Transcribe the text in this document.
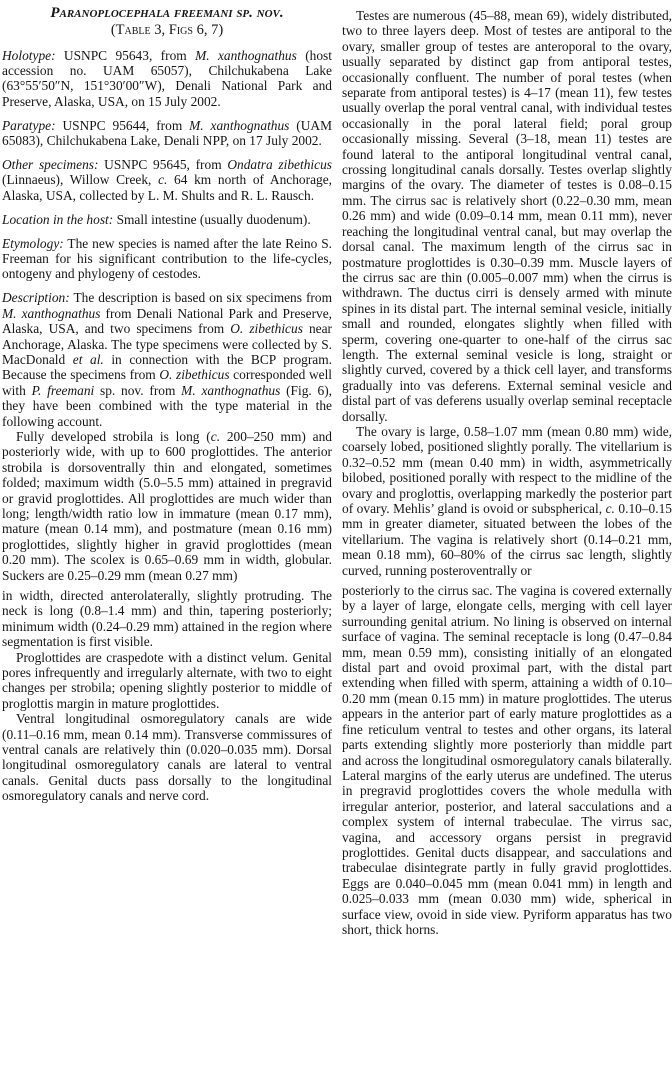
Paranoplocephala freemani sp. nov.
(Table 3, Figs 6, 7)

Holotype: USNPC 95643, from M. xanthognathus (host accession no. UAM 65057), Chilchukabena Lake (63°55′50″N, 151°30′00″W), Denali National Park and Preserve, Alaska, USA, on 15 July 2002.

Paratype: USNPC 95644, from M. xanthognathus (UAM 65083), Chilchukabena Lake, Denali NPP, on 17 July 2002.

Other specimens: USNPC 95645, from Ondatra zibethicus (Linnaeus), Willow Creek, c. 64 km north of Anchorage, Alaska, USA, collected by L. M. Shults and R. L. Rausch.

Location in the host: Small intestine (usually duodenum).

Etymology: The new species is named after the late Reino S. Freeman for his significant contribution to the life-cycles, ontogeny and phylogeny of cestodes.

Description: The description is based on six specimens from M. xanthognathus from Denali National Park and Preserve, Alaska, USA, and two specimens from O. zibethicus near Anchorage, Alaska. The type specimens were collected by S. MacDonald et al. in connection with the BCP program. Because the specimens from O. zibethicus corresponded well with P. freemani sp. nov. from M. xanthognathus (Fig. 6), they have been combined with the type material in the following account.

Fully developed strobila is long (c. 200–250 mm) and posteriorly wide, with up to 600 proglottides. The anterior strobila is dorsoventrally thin and elongated, sometimes folded; maximum width (5.0–5.5 mm) attained in pregravid or gravid proglottides. All proglottides are much wider than long; length/width ratio low in immature (mean 0.17 mm), mature (mean 0.14 mm), and postmature (mean 0.16 mm) proglottides, slightly higher in gravid proglottides (mean 0.20 mm). The scolex is 0.65–0.69 mm in width, globular. Suckers are 0.25–0.29 mm (mean 0.27 mm)

in width, directed anterolaterally, slightly protruding. The neck is long (0.8–1.4 mm) and thin, tapering posteriorly; minimum width (0.24–0.29 mm) attained in the region where segmentation is first visible.

Proglottides are craspedote with a distinct velum. Genital pores infrequently and irregularly alternate, with two to eight changes per strobila; opening slightly posterior to middle of proglottis margin in mature proglottides.

Ventral longitudinal osmoregulatory canals are wide (0.11–0.16 mm, mean 0.14 mm). Transverse commissures of ventral canals are relatively thin (0.020–0.035 mm). Dorsal longitudinal osmoregulatory canals are lateral to ventral canals. Genital ducts pass dorsally to the longitudinal osmoregulatory canals and nerve cord.

Testes are numerous (45–88, mean 69), widely distributed, two to three layers deep. Most of testes are antiporal to the ovary, smaller group of testes are anteroporal to the ovary, usually separated by distinct gap from antiporal testes, occasionally confluent. The number of poral testes (when separate from antiporal testes) is 4–17 (mean 11), few testes usually overlap the poral ventral canal, with individual testes occasionally in the poral lateral field; poral group occasionally missing. Several (3–18, mean 11) testes are found lateral to the antiporal longitudinal ventral canal, crossing longitudinal canals dorsally. Testes overlap slightly margins of the ovary. The diameter of testes is 0.08–0.15 mm. The cirrus sac is relatively short (0.22–0.30 mm, mean 0.26 mm) and wide (0.09–0.14 mm, mean 0.11 mm), never reaching the longitudinal ventral canal, but may overlap the dorsal canal. The maximum length of the cirrus sac in postmature proglottides is 0.30–0.39 mm. Muscle layers of the cirrus sac are thin (0.005–0.007 mm) when the cirrus is withdrawn. The ductus cirri is densely armed with minute spines in its distal part. The internal seminal vesicle, initially small and rounded, elongates slightly when filled with sperm, covering one-quarter to one-half of the cirrus sac length. The external seminal vesicle is long, straight or slightly curved, covered by a thick cell layer, and transforms gradually into vas deferens. External seminal vesicle and distal part of vas deferens usually overlap seminal receptacle dorsally.

The ovary is large, 0.58–1.07 mm (mean 0.80 mm) wide, coarsely lobed, positioned slightly porally. The vitellarium is 0.32–0.52 mm (mean 0.40 mm) in width, asymmetrically bilobed, positioned porally with respect to the midline of the ovary and proglottis, overlapping markedly the posterior part of ovary. Mehlis’ gland is ovoid or subspherical, c. 0.10–0.15 mm in greater diameter, situated between the lobes of the vitellarium. The vagina is relatively short (0.14–0.21 mm, mean 0.18 mm), 60–80% of the cirrus sac length, slightly curved, running posteroventrally or

posteriorly to the cirrus sac. The vagina is covered externally by a layer of large, elongate cells, merging with cell layer surrounding genital atrium. No lining is observed on internal surface of vagina. The seminal receptacle is long (0.47–0.84 mm, mean 0.59 mm), consisting initially of an elongated distal part and ovoid proximal part, with the distal part extending when filled with sperm, attaining a width of 0.10–0.20 mm (mean 0.15 mm) in mature proglottides. The uterus appears in the anterior part of early mature proglottides as a fine reticulum ventral to testes and other organs, its lateral parts extending slightly more posteriorly than middle part and across the longitudinal osmoregulatory canals bilaterally. Lateral margins of the early uterus are undefined. The uterus in pregravid proglottides covers the whole medulla with irregular anterior, posterior, and lateral sacculations and a complex system of internal trabeculae. The virrus sac, vagina, and accessory organs persist in pregravid proglottides. Genital ducts disappear, and sacculations and trabeculae disintegrate partly in fully gravid proglottides. Eggs are 0.040–0.045 mm (mean 0.041 mm) in length and 0.025–0.033 mm (mean 0.030 mm) wide, spherical in surface view, ovoid in side view. Pyriform apparatus has two short, thick horns.
